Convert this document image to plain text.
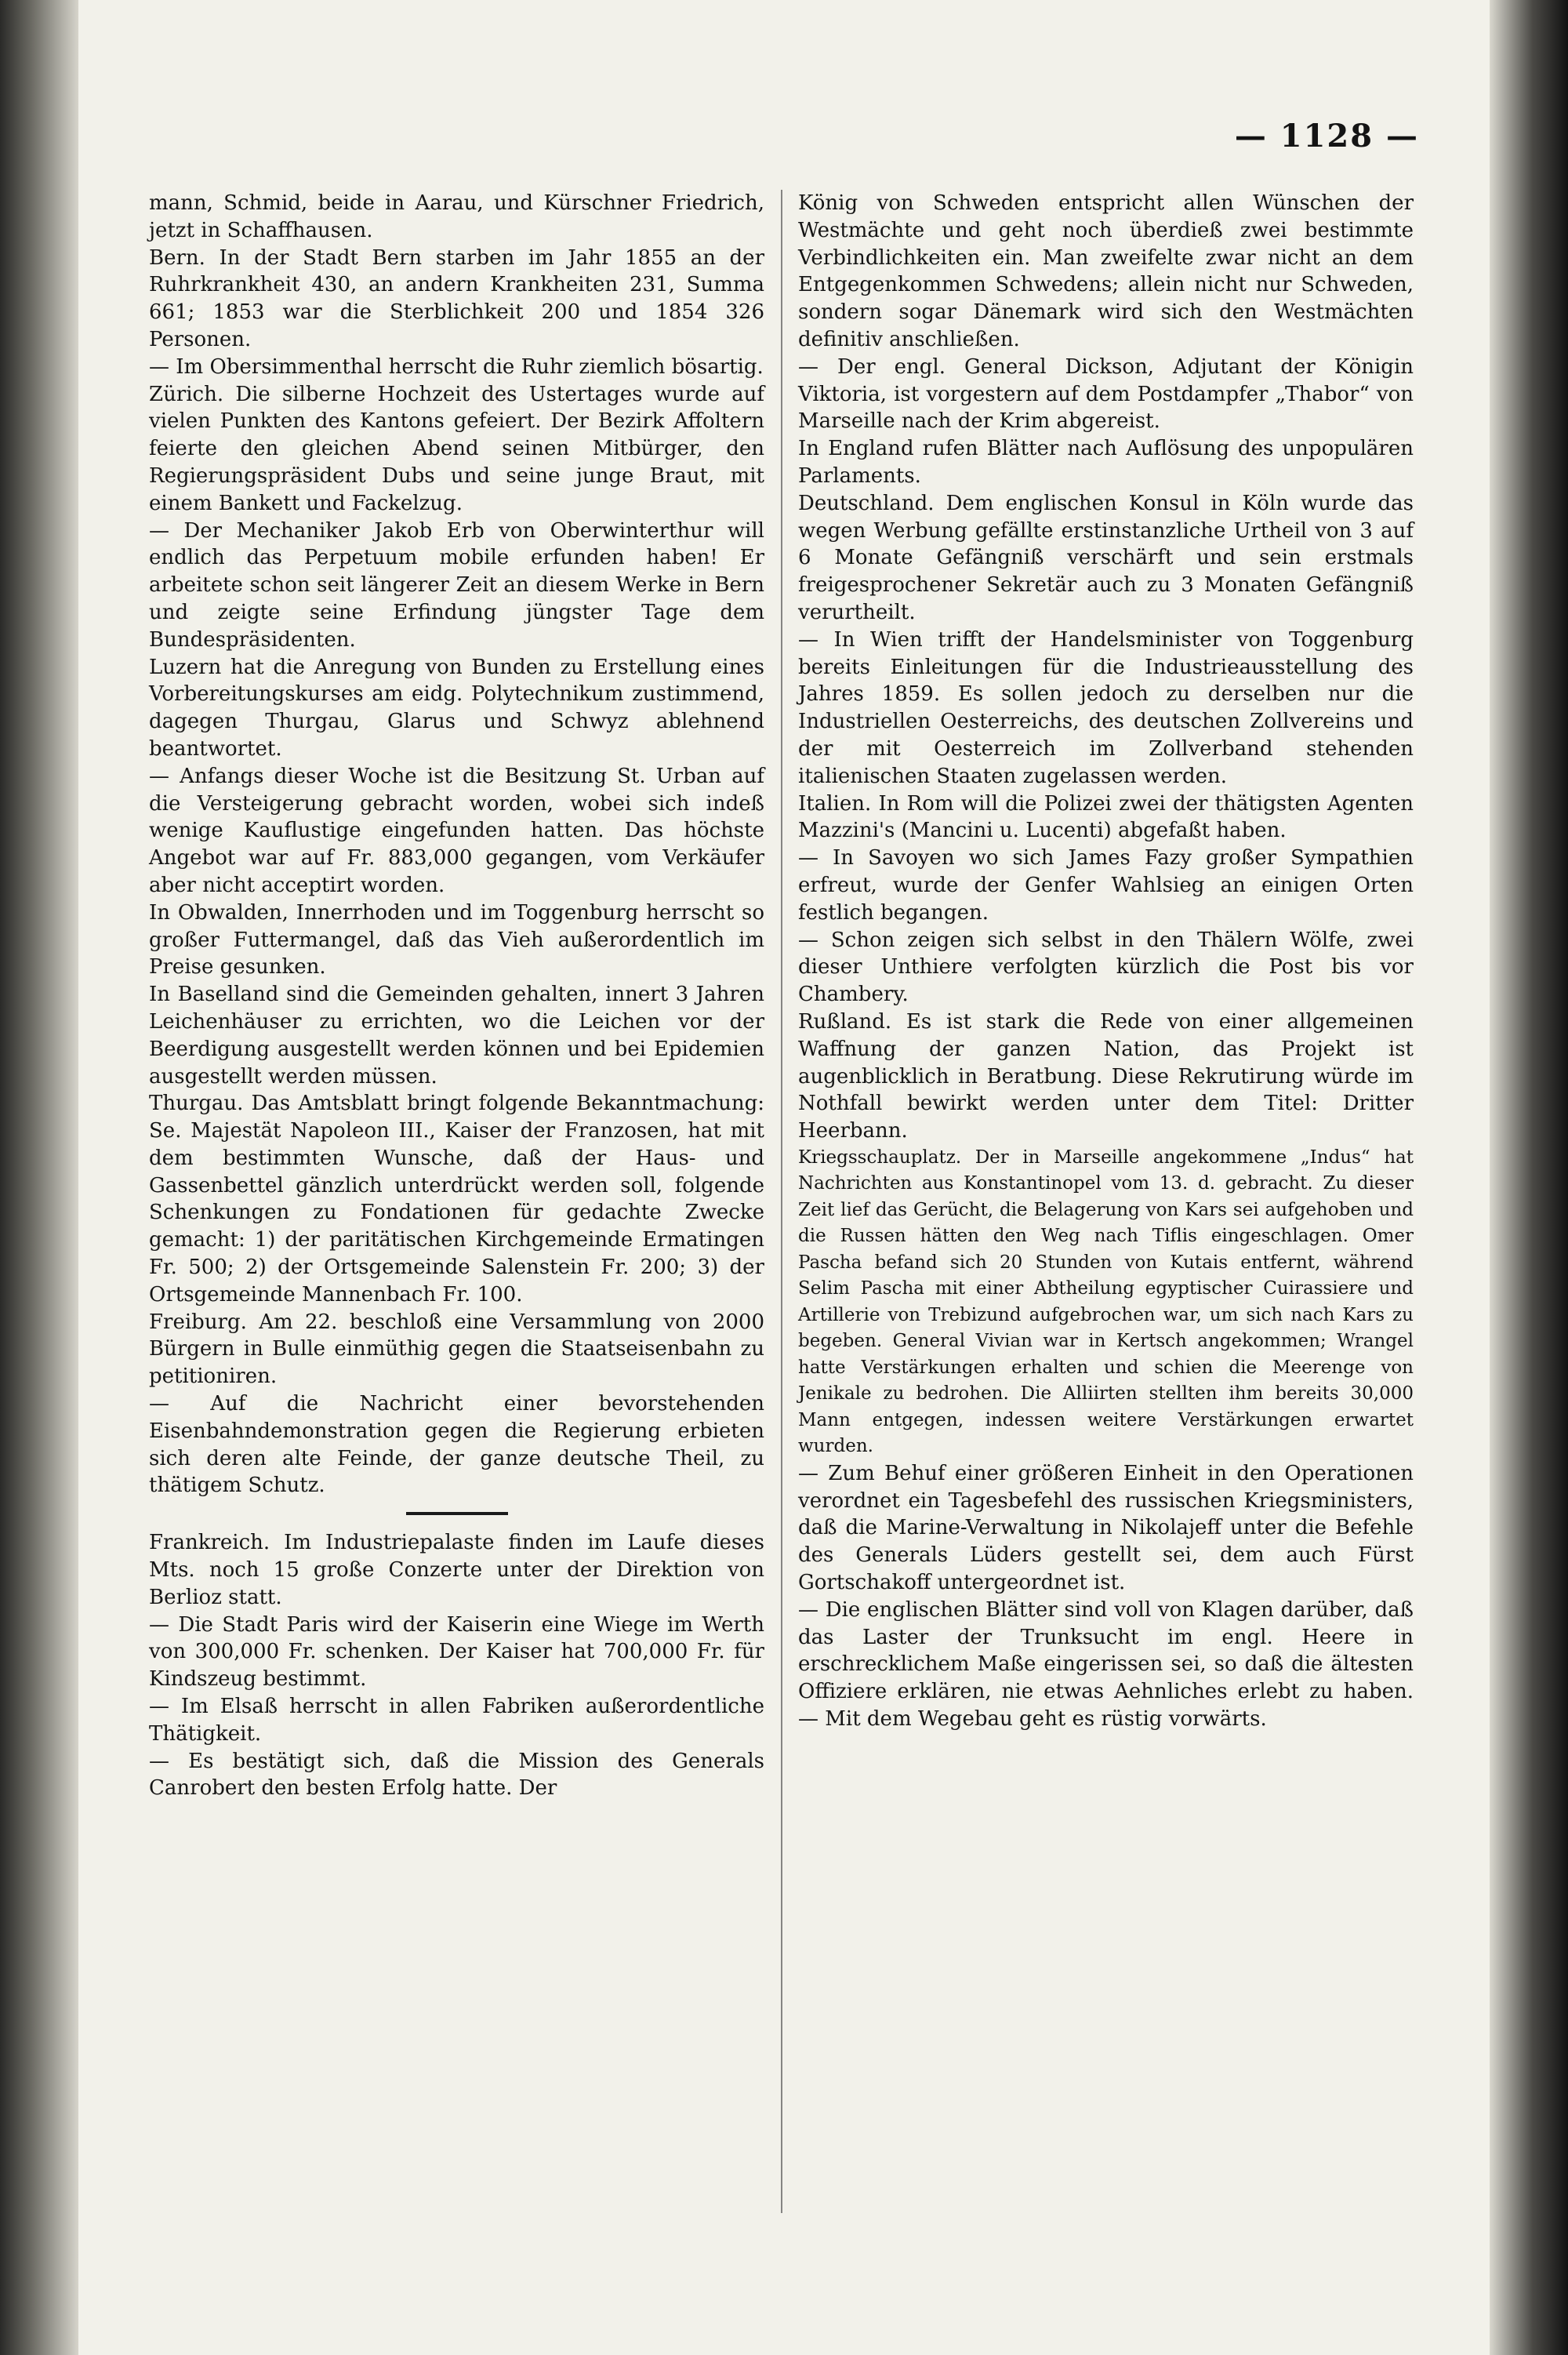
— 1128 —

mann, Schmid, beide in Aarau, und Kürschner Friedrich, jetzt in Schaffhausen.

Bern. In der Stadt Bern starben im Jahr 1855 an der Ruhrkrankheit 430, an andern Krankheiten 231, Summa 661; 1853 war die Sterblichkeit 200 und 1854 326 Personen.

— Im Obersimmenthal herrscht die Ruhr ziemlich bösartig.

Zürich. Die silberne Hochzeit des Ustertages wurde auf vielen Punkten des Kantons gefeiert. Der Bezirk Affoltern feierte den gleichen Abend seinen Mitbürger, den Regierungspräsident Dubs und seine junge Braut, mit einem Bankett und Fackelzug.

— Der Mechaniker Jakob Erb von Oberwinterthur will endlich das Perpetuum mobile erfunden haben! Er arbeitete schon seit längerer Zeit an diesem Werke in Bern und zeigte seine Erfindung jüngster Tage dem Bundespräsidenten.

Luzern hat die Anregung von Bunden zu Erstellung eines Vorbereitungskurses am eidg. Polytechnikum zustimmend, dagegen Thurgau, Glarus und Schwyz ablehnend beantwortet.

— Anfangs dieser Woche ist die Besitzung St. Urban auf die Versteigerung gebracht worden, wobei sich indeß wenige Kauflustige eingefunden hatten. Das höchste Angebot war auf Fr. 883,000 gegangen, vom Verkäufer aber nicht acceptirt worden.

In Obwalden, Innerrhoden und im Toggenburg herrscht so großer Futtermangel, daß das Vieh außerordentlich im Preise gesunken.

In Baselland sind die Gemeinden gehalten, innert 3 Jahren Leichenhäuser zu errichten, wo die Leichen vor der Beerdigung ausgestellt werden können und bei Epidemien ausgestellt werden müssen.

Thurgau. Das Amtsblatt bringt folgende Bekanntmachung: Se. Majestät Napoleon III., Kaiser der Franzosen, hat mit dem bestimmten Wunsche, daß der Haus- und Gassenbettel gänzlich unterdrückt werden soll, folgende Schenkungen zu Fondationen für gedachte Zwecke gemacht: 1) der paritätischen Kirchgemeinde Ermatingen Fr. 500; 2) der Ortsgemeinde Salenstein Fr. 200; 3) der Ortsgemeinde Mannenbach Fr. 100.

Freiburg. Am 22. beschloß eine Versammlung von 2000 Bürgern in Bulle einmüthig gegen die Staatseisenbahn zu petitioniren.

— Auf die Nachricht einer bevorstehenden Eisenbahndemonstration gegen die Regierung erbieten sich deren alte Feinde, der ganze deutsche Theil, zu thätigem Schutz.

Frankreich. Im Industriepalaste finden im Laufe dieses Mts. noch 15 große Conzerte unter der Direktion von Berlioz statt.

— Die Stadt Paris wird der Kaiserin eine Wiege im Werth von 300,000 Fr. schenken. Der Kaiser hat 700,000 Fr. für Kindszeug bestimmt.

— Im Elsaß herrscht in allen Fabriken außerordentliche Thätigkeit.

— Es bestätigt sich, daß die Mission des Generals Canrobert den besten Erfolg hatte. Der

König von Schweden entspricht allen Wünschen der Westmächte und geht noch überdieß zwei bestimmte Verbindlichkeiten ein. Man zweifelte zwar nicht an dem Entgegenkommen Schwedens; allein nicht nur Schweden, sondern sogar Dänemark wird sich den Westmächten definitiv anschließen.

— Der engl. General Dickson, Adjutant der Königin Viktoria, ist vorgestern auf dem Postdampfer „Thabor“ von Marseille nach der Krim abgereist.

In England rufen Blätter nach Auflösung des unpopulären Parlaments.

Deutschland. Dem englischen Konsul in Köln wurde das wegen Werbung gefällte erstinstanzliche Urtheil von 3 auf 6 Monate Gefängniß verschärft und sein erstmals freigesprochener Sekretär auch zu 3 Monaten Gefängniß verurtheilt.

— In Wien trifft der Handelsminister von Toggenburg bereits Einleitungen für die Industrieausstellung des Jahres 1859. Es sollen jedoch zu derselben nur die Industriellen Oesterreichs, des deutschen Zollvereins und der mit Oesterreich im Zollverband stehenden italienischen Staaten zugelassen werden.

Italien. In Rom will die Polizei zwei der thätigsten Agenten Mazzini's (Mancini u. Lucenti) abgefaßt haben.

— In Savoyen wo sich James Fazy großer Sympathien erfreut, wurde der Genfer Wahlsieg an einigen Orten festlich begangen.

— Schon zeigen sich selbst in den Thälern Wölfe, zwei dieser Unthiere verfolgten kürzlich die Post bis vor Chambery.

Rußland. Es ist stark die Rede von einer allgemeinen Waffnung der ganzen Nation, das Projekt ist augenblicklich in Beratbung. Diese Rekrutirung würde im Nothfall bewirkt werden unter dem Titel: Dritter Heerbann.

Kriegsschauplatz. Der in Marseille angekommene „Indus“ hat Nachrichten aus Konstantinopel vom 13. d. gebracht. Zu dieser Zeit lief das Gerücht, die Belagerung von Kars sei aufgehoben und die Russen hätten den Weg nach Tiflis eingeschlagen. Omer Pascha befand sich 20 Stunden von Kutais entfernt, während Selim Pascha mit einer Abtheilung egyptischer Cuirassiere und Artillerie von Trebizund aufgebrochen war, um sich nach Kars zu begeben. General Vivian war in Kertsch angekommen; Wrangel hatte Verstärkungen erhalten und schien die Meerenge von Jenikale zu bedrohen. Die Alliirten stellten ihm bereits 30,000 Mann entgegen, indessen weitere Verstärkungen erwartet wurden.

— Zum Behuf einer größeren Einheit in den Operationen verordnet ein Tagesbefehl des russischen Kriegsministers, daß die Marine-Verwaltung in Nikolajeff unter die Befehle des Generals Lüders gestellt sei, dem auch Fürst Gortschakoff untergeordnet ist.

— Die englischen Blätter sind voll von Klagen darüber, daß das Laster der Trunksucht im engl. Heere in erschrecklichem Maße eingerissen sei, so daß die ältesten Offiziere erklären, nie etwas Aehnliches erlebt zu haben. — Mit dem Wegebau geht es rüstig vorwärts.
